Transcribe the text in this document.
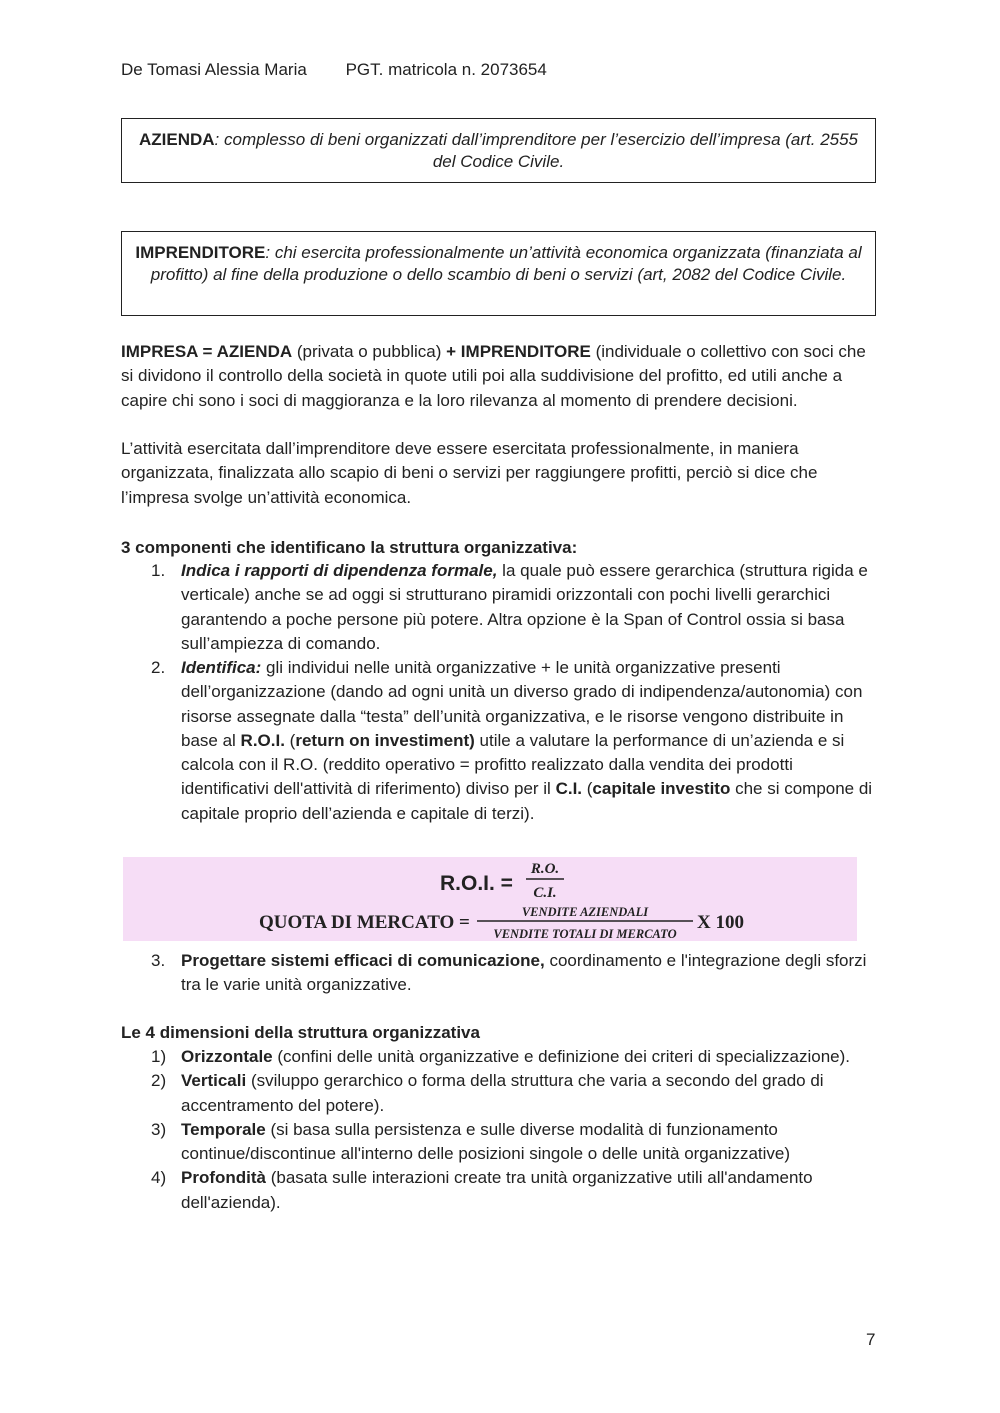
De Tomasi Alessia Maria PGT. matricola n. 2073654
AZIENDA: complesso di beni organizzati dall’imprenditore per l’esercizio dell’impresa (art. 2555 del Codice Civile.
IMPRENDITORE: chi esercita professionalmente un’attività economica organizzata (finanziata al profitto) al fine della produzione o dello scambio di beni o servizi (art, 2082 del Codice Civile.
IMPRESA = AZIENDA (privata o pubblica) + IMPRENDITORE (individuale o collettivo con soci che si dividono il controllo della società in quote utili poi alla suddivisione del profitto, ed utili anche a capire chi sono i soci di maggioranza e la loro rilevanza al momento di prendere decisioni.
L’attività esercitata dall’imprenditore deve essere esercitata professionalmente, in maniera organizzata, finalizzata allo scapio di beni o servizi per raggiungere profitti, perciò si dice che l’impresa svolge un’attività economica.
3 componenti che identificano la struttura organizzativa:
1. Indica i rapporti di dipendenza formale, la quale può essere gerarchica (struttura rigida e verticale) anche se ad oggi si strutturano piramidi orizzontali con pochi livelli gerarchici garantendo a poche persone più potere. Altra opzione è la Span of Control ossia si basa sull’ampiezza di comando.
2. Identifica: gli individui nelle unità organizzative + le unità organizzative presenti dell’organizzazione (dando ad ogni unità un diverso grado di indipendenza/autonomia) con risorse assegnate dalla “testa” dell’unità organizzativa, e le risorse vengono distribuite in base al R.O.I. (return on investiment) utile a valutare la performance di un’azienda e si calcola con il R.O. (reddito operativo = profitto realizzato dalla vendita dei prodotti identificativi dell'attività di riferimento) diviso per il C.I. (capitale investito che si compone di capitale proprio dell’azienda e capitale di terzi).
R.O.I. =
R.O.
C.I.
QUOTA DI MERCATO =	VENDITE AZIENDALI
VENDITE TOTALI DI MERCATO
X 100
3. Progettare sistemi efficaci di comunicazione, coordinamento e l'integrazione degli sforzi tra le varie unità organizzative.
Le 4 dimensioni della struttura organizzativa
1) Orizzontale (confini delle unità organizzative e definizione dei criteri di specializzazione).
2) Verticali (sviluppo gerarchico o forma della struttura che varia a secondo del grado di accentramento del potere).
3) Temporale (si basa sulla persistenza e sulle diverse modalità di funzionamento continue/discontinue all'interno delle posizioni singole o delle unità organizzative)
4) Profondità (basata sulle interazioni create tra unità organizzative utili all'andamento dell'azienda).
7
